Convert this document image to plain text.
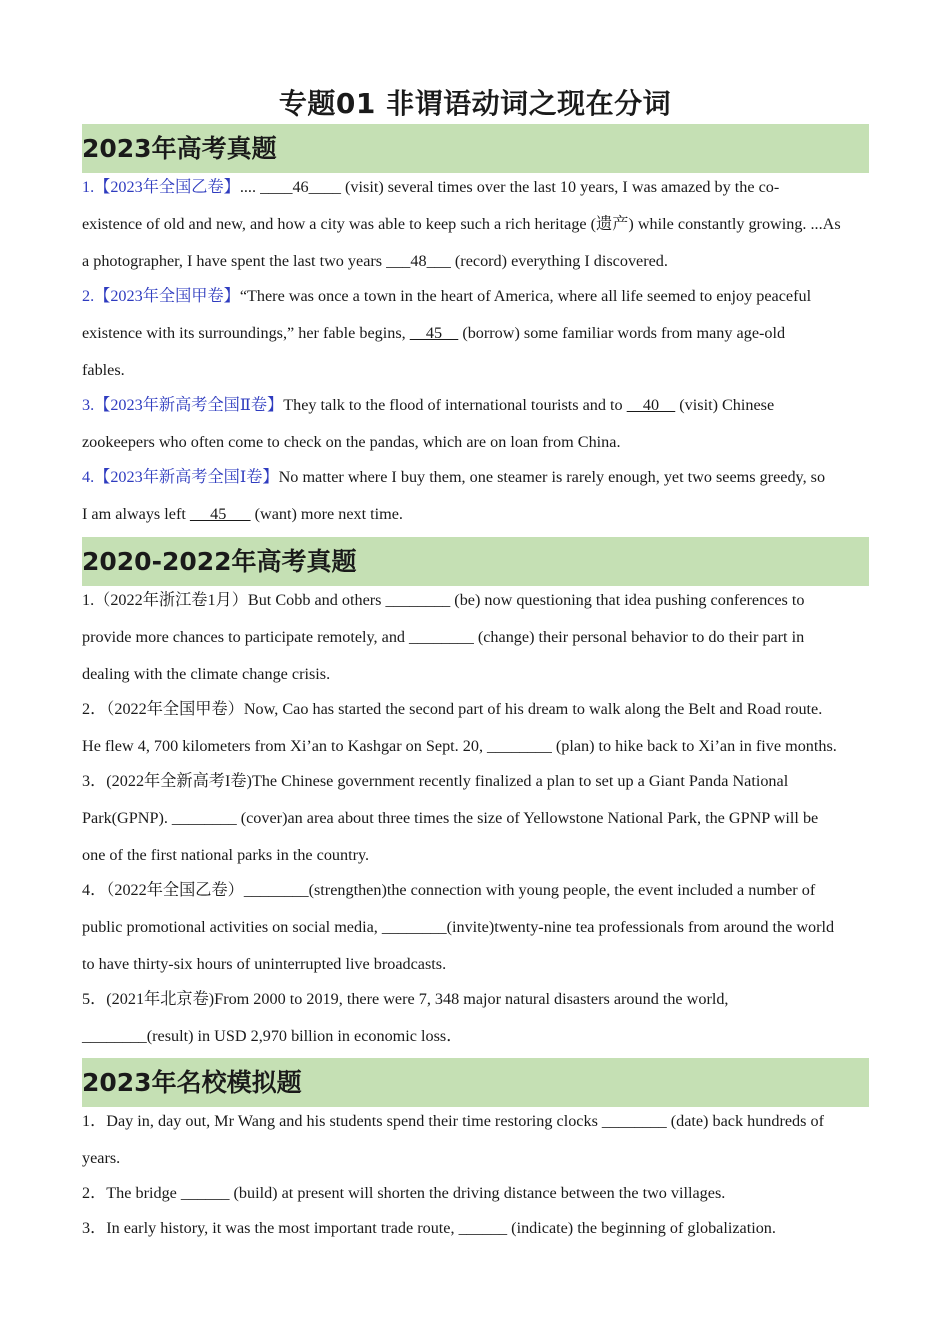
专题01 非谓语动词之现在分词
2023年高考真题
1.【2023年全国乙卷】.... ____46____ (visit) several times over the last 10 years, I was amazed by the co-
existence of old and new, and how a city was able to keep such a rich heritage (遗产) while constantly growing. ...As
a photographer, I have spent the last two years ___48___ (record) everything I discovered.
2.【2023年全国甲卷】“There was once a town in the heart of America, where all life seemed to enjoy peaceful
existence with its surroundings,” her fable begins,     45     (borrow) some familiar words from many age-old
fables.
3.【2023年新高考全国Ⅱ卷】They talk to the flood of international tourists and to     40     (visit) Chinese
zookeepers who often come to check on the pandas, which are on loan from China.
4.【2023年新高考全国Ⅰ卷】No matter where I buy them, one steamer is rarely enough, yet two seems greedy, so
I am always left      45       (want) more next time.
2020-2022年高考真题
1.（2022年浙江卷1月）But Cobb and others ________ (be) now questioning that idea pushing conferences to
provide more chances to participate remotely, and ________ (change) their personal behavior to do their part in
dealing with the climate change crisis.
2．（2022年全国甲卷）Now, Cao has started the second part of his dream to walk along the Belt and Road route.
He flew 4, 700 kilometers from Xi’an to Kashgar on Sept. 20, ________ (plan) to hike back to Xi’an in five months.
3．(2022年全新高考I卷)The Chinese government recently finalized a plan to set up a Giant Panda National
Park(GPNP). ________ (cover)an area about three times the size of Yellowstone National Park, the GPNP will be
one of the first national parks in the country.
4．（2022年全国乙卷）________(strengthen)the connection with young people, the event included a number of
public promotional activities on social media, ________(invite)twenty-nine tea professionals from around the world
to have thirty-six hours of uninterrupted live broadcasts.
5．(2021年北京卷)From 2000 to 2019, there were 7, 348 major natural disasters around the world,
________(result) in USD 2,970 billion in economic loss．
2023年名校模拟题
1．Day in, day out, Mr Wang and his students spend their time restoring clocks ________ (date) back hundreds of
years.
2．The bridge ______ (build) at present will shorten the driving distance between the two villages.
3．In early history, it was the most important trade route, ______ (indicate) the beginning of globalization.
